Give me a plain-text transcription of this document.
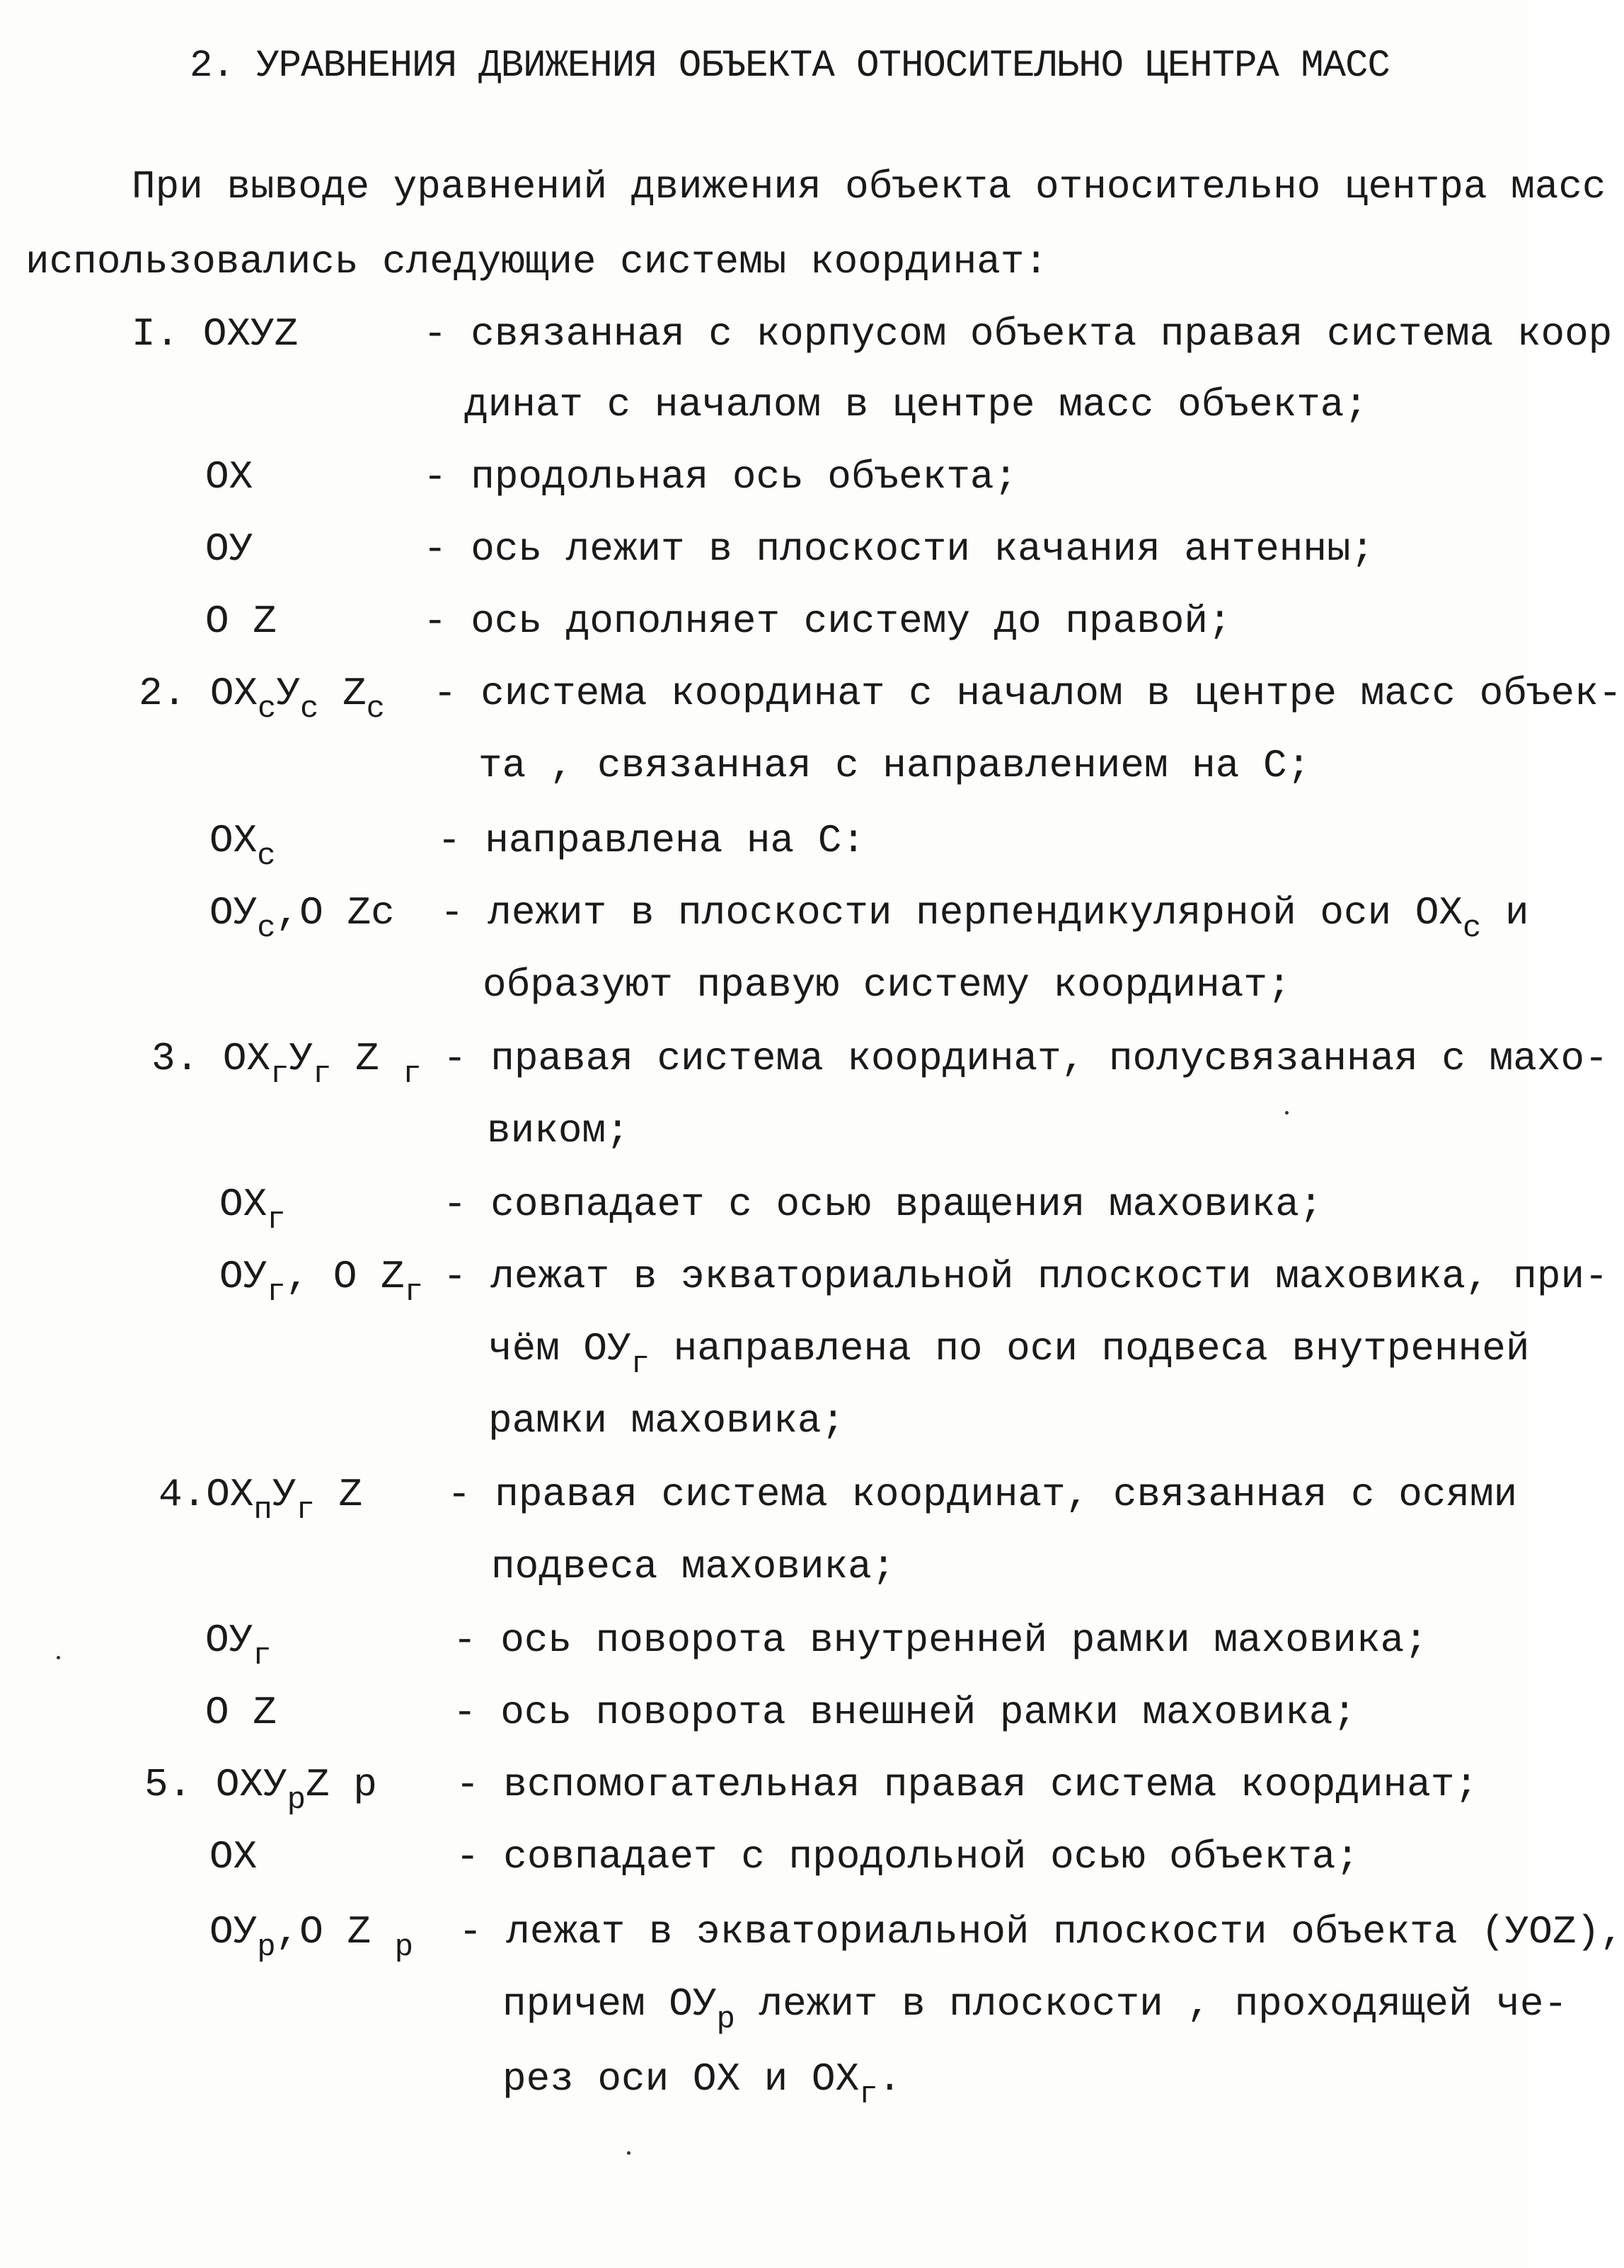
2. УРАВНЕНИЯ ДВИЖЕНИЯ ОБЪЕКТА ОТНОСИТЕЛЬНО ЦЕНТРА МАСС
При выводе уравнений движения объекта относительно центра масс
использовались следующие системы координат:
I. ОХУZ	- связанная с корпусом объекта правая система коор
динат с началом в центре масс объекта;
ОХ	- продольная ось объекта;
ОУ	- ось лежит в плоскости качания антенны;
О Z	- ось дополняет систему до правой;
2. $ОХ_сУ_с$ $Z_с$ - система координат с началом в центре масс объек-
та , связанная с направлением на С;
$ОХ_с$	- направлена на С:
$ОУ_с,О$ Zс - лежит в плоскости перпендикулярной оси $ОХ_с$ и
образуют правую систему координат;
3. $ОХ_гУ_г$ Z $_г$ - правая система координат, полусвязанная с махо-
виком;
$ОХ_г$	- совпадает с осью вращения маховика;
$ОУ_г$, О $Z_г$ - лежат в экваториальной плоскости маховика, при-
чём $ОУ_г$ направлена по оси подвеса внутренней
рамки маховика;
$4.ОХ_пУ_г$ Z - правая система координат, связанная с осями
подвеса маховика;
$ОУ_г$	- ось поворота внутренней рамки маховика;
О Z	- ось поворота внешней рамки маховика;
5. $ОХУ_рZ$ р - вспомогательная правая система координат;
ОХ	- совпадает с продольной осью объекта;
$ОУ_р,О$ Z $_р$ - лежат в экваториальной плоскости объекта (УОZ),
причем $ОУ_р$ лежит в плоскости , проходящей че-
рез оси ОХ и $ОХ_г$.
